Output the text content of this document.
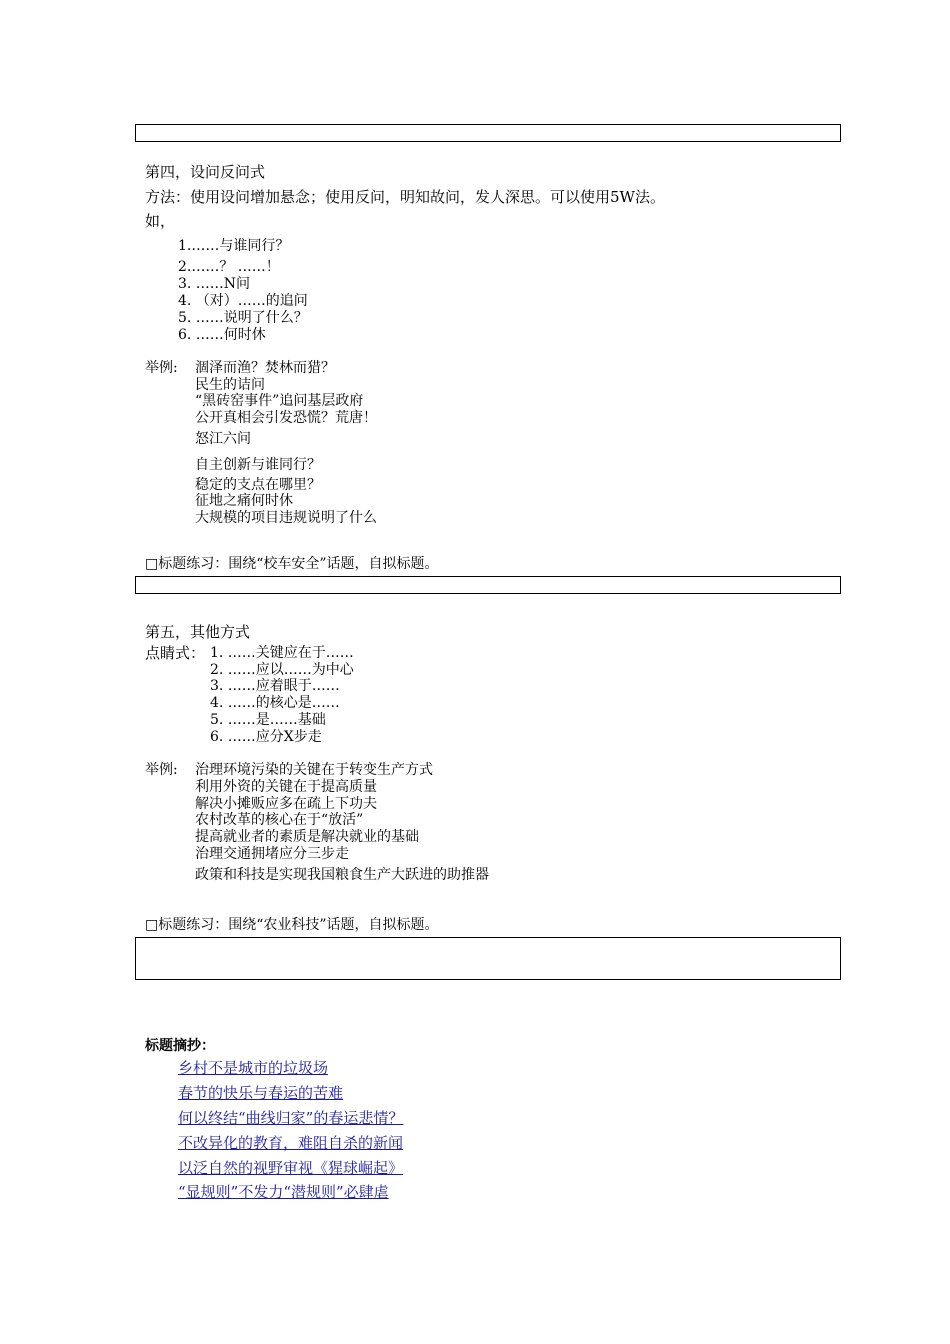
第四，设问反问式
方法：使用设问增加悬念；使用反问，明知故问，发人深思。可以使用5W法。
如，
1.……与谁同行？
2.……？ ……！
3. ……N问
4. （对）……的追问
5. ……说明了什么？
6. ……何时休
举例: 涸泽而渔？焚林而猎？
民生的诘问
“黑砖窑事件”追问基层政府
公开真相会引发恐慌？荒唐！
怒江六问
自主创新与谁同行？
稳定的支点在哪里？
征地之痛何时休
大规模的项目违规说明了什么
□标题练习：围绕“校车安全”话题，自拟标题。
第五，其他方式
点睛式： 1. ……关键应在于……
2. ……应以……为中心
3. ……应着眼于……
4. ……的核心是……
5. ……是……基础
6. ……应分X步走
举例: 治理环境污染的关键在于转变生产方式
利用外资的关键在于提高质量
解决小摊贩应多在疏上下功夫
农村改革的核心在于“放活”
提高就业者的素质是解决就业的基础
治理交通拥堵应分三步走
政策和科技是实现我国粮食生产大跃进的助推器
□标题练习：围绕“农业科技”话题，自拟标题。
标题摘抄：
乡村不是城市的垃圾场
春节的快乐与春运的苦难
何以终结“曲线归家”的春运悲情？
不改异化的教育，难阻自杀的新闻
以泛自然的视野审视《猩球崛起》
“显规则”不发力“潜规则”必肆虐
